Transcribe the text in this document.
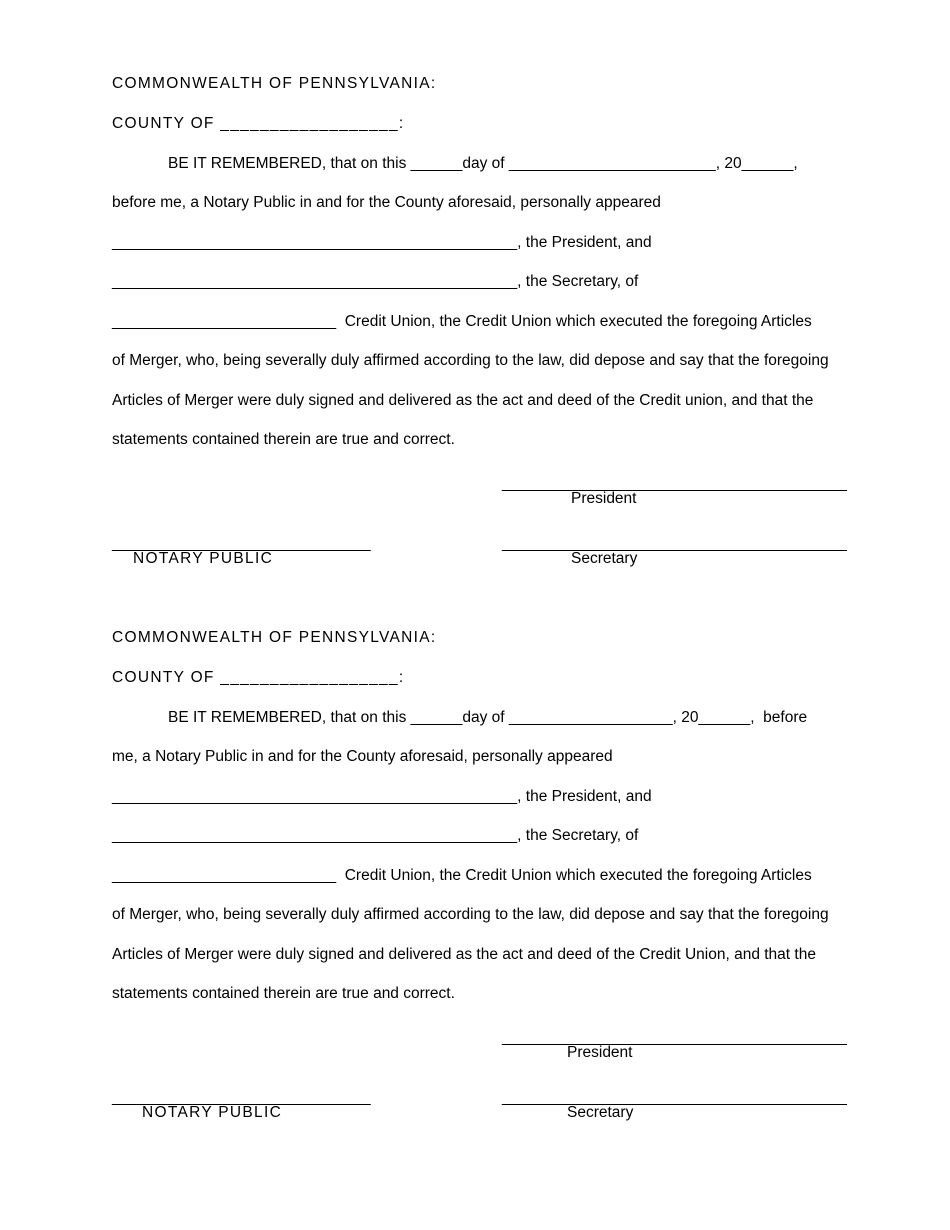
COMMONWEALTH OF PENNSYLVANIA:
COUNTY OF __________________:
BE IT REMEMBERED, that on this ______day of ________________________, 20______,
before me, a Notary Public in and for the County aforesaid, personally appeared
_______________________________________________, the President, and
_______________________________________________, the Secretary, of
__________________________  Credit Union, the Credit Union which executed the foregoing Articles
of Merger, who, being severally duly affirmed according to the law, did depose and say that the foregoing
Articles of Merger were duly signed and delivered as the act and deed of the Credit union, and that the
statements contained therein are true and correct.
________________________________________
President
______________________________
NOTARY PUBLIC
________________________________________
Secretary
COMMONWEALTH OF PENNSYLVANIA:
COUNTY OF __________________:
BE IT REMEMBERED, that on this ______day of ___________________, 20______,  before
me, a Notary Public in and for the County aforesaid, personally appeared
_______________________________________________, the President, and
_______________________________________________, the Secretary, of
__________________________  Credit Union, the Credit Union which executed the foregoing Articles
of Merger, who, being severally duly affirmed according to the law, did depose and say that the foregoing
Articles of Merger were duly signed and delivered as the act and deed of the Credit Union, and that the
statements contained therein are true and correct.
________________________________________
President
______________________________
NOTARY PUBLIC
________________________________________
Secretary
